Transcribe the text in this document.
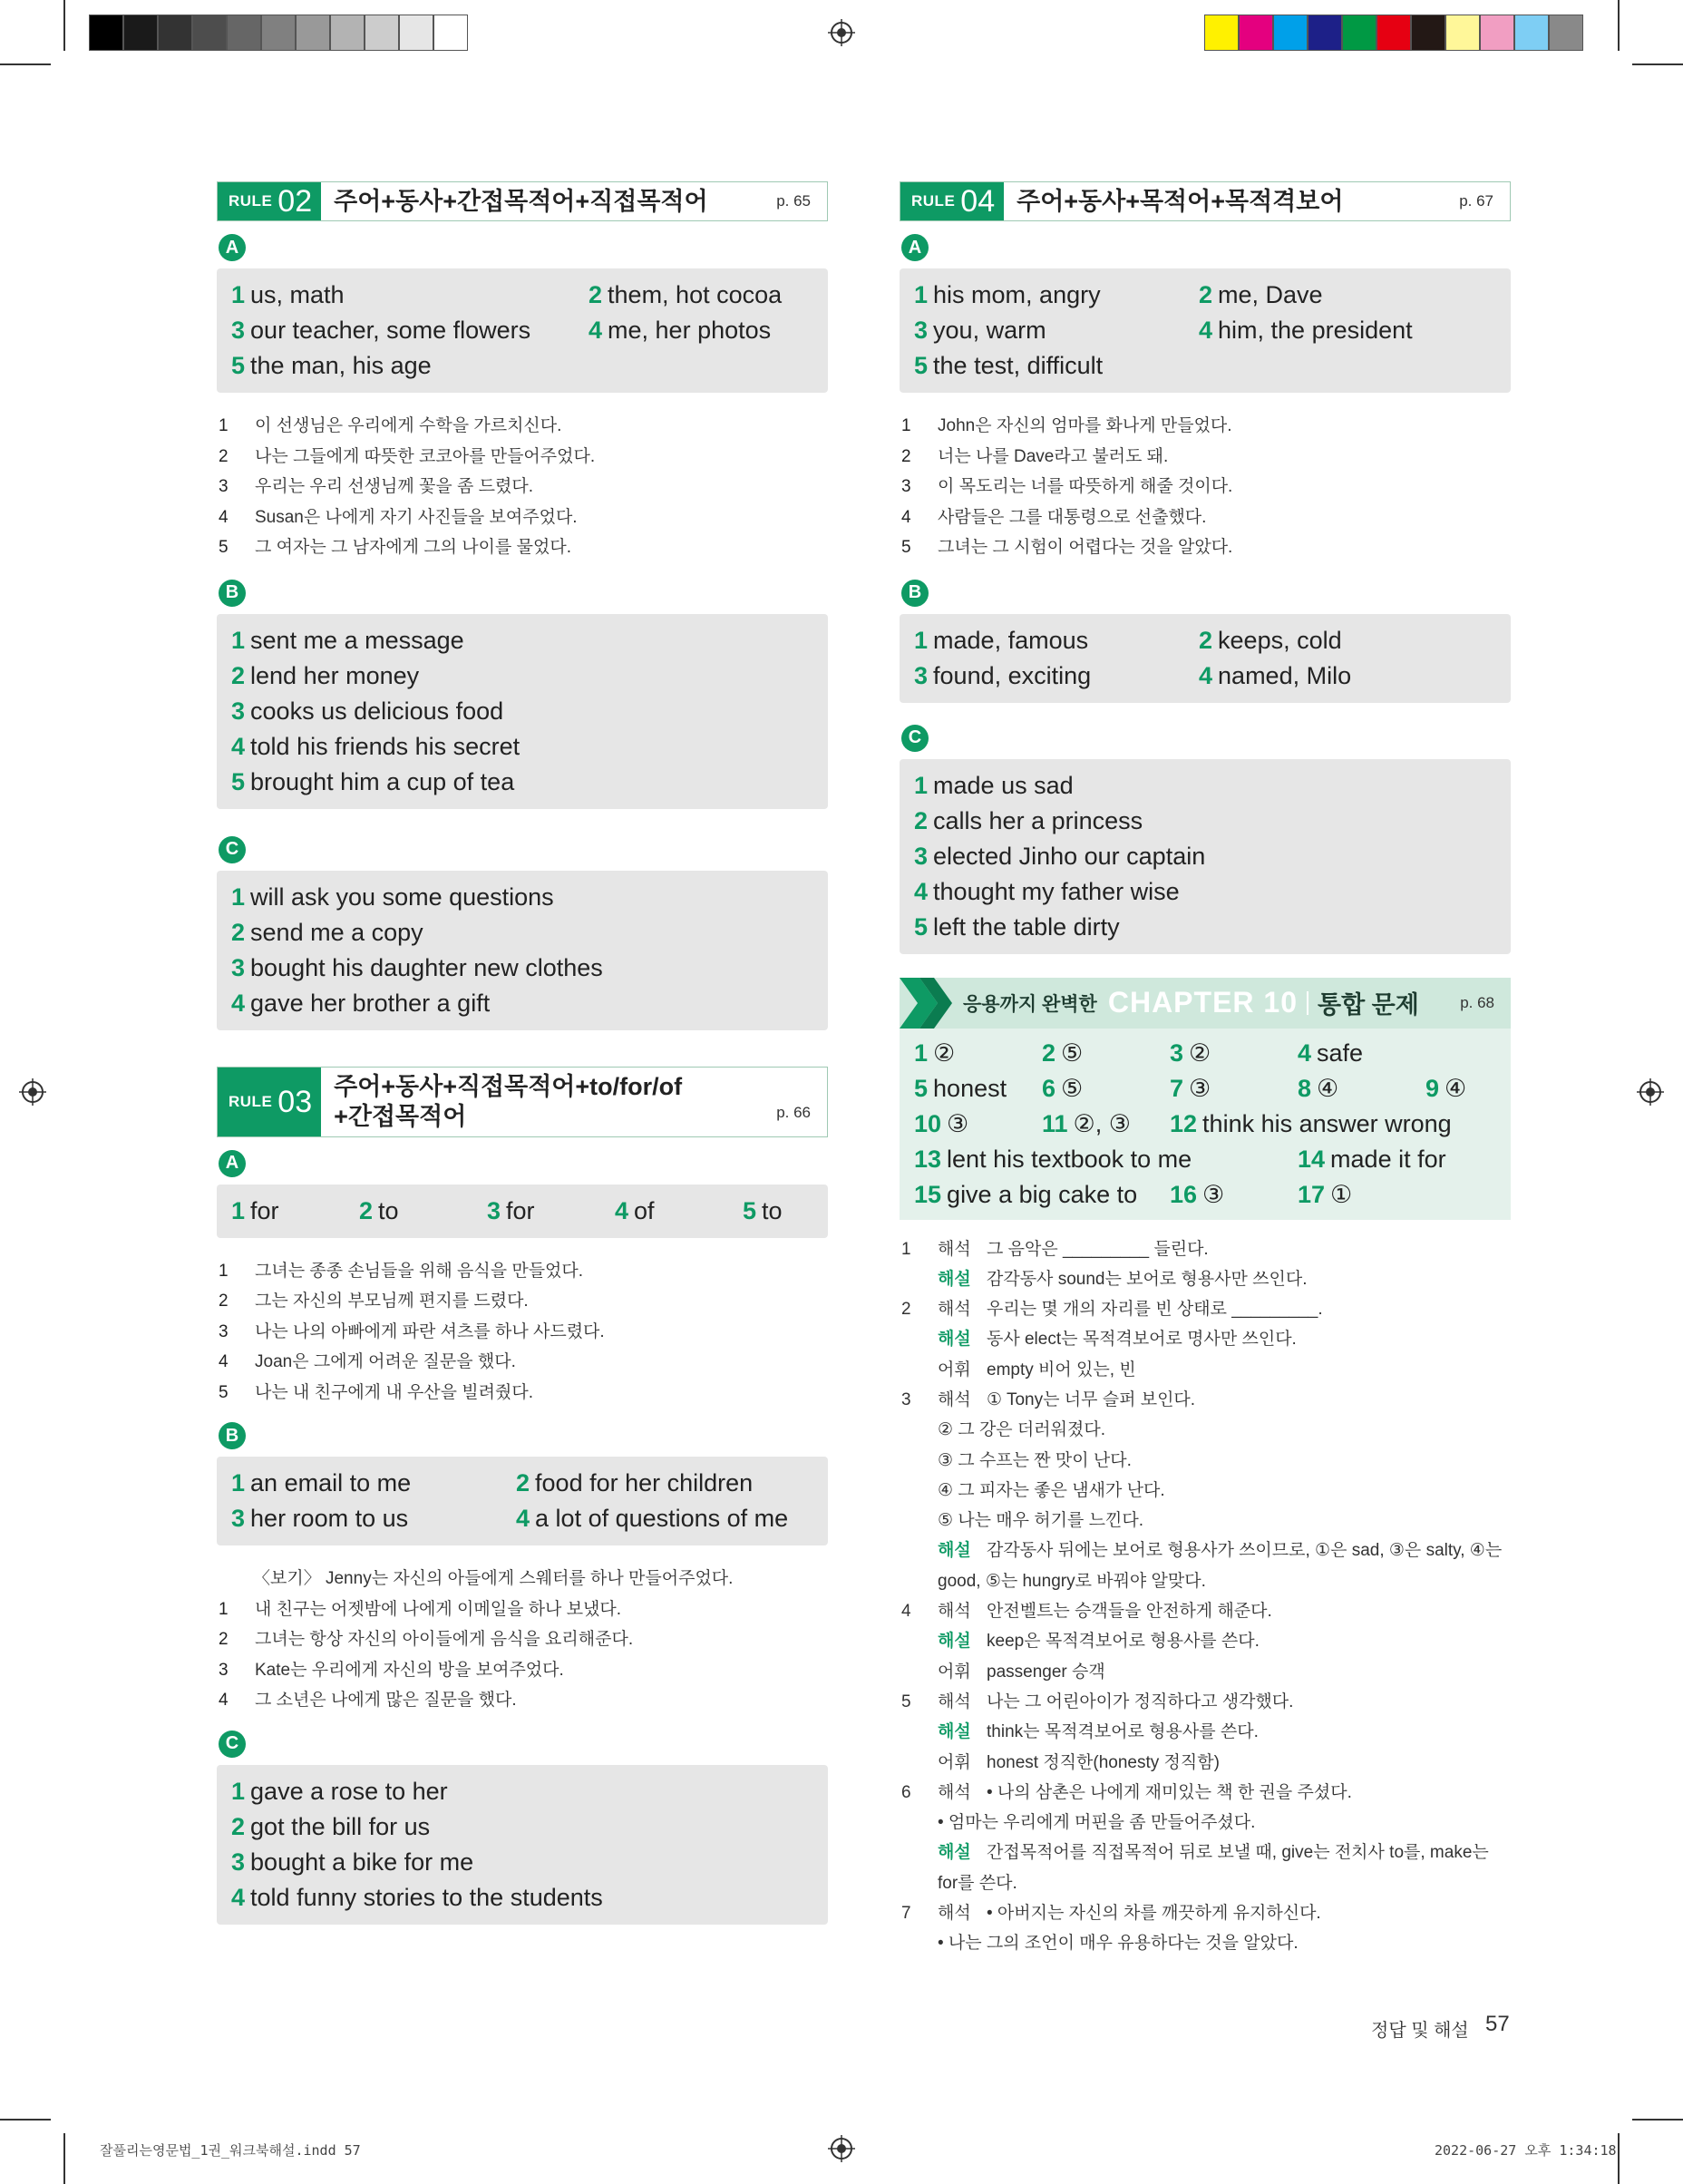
RULE 02 주어+동사+간접목적어+직접목적어	p. 65
A
1 us, math	2 them, hot cocoa
3 our teacher, some flowers	4 me, her photos
5 the man, his age
1	이 선생님은 우리에게 수학을 가르치신다.
2	나는 그들에게 따뜻한 코코아를 만들어주었다.
3	우리는 우리 선생님께 꽃을 좀 드렸다.
4	Susan은 나에게 자기 사진들을 보여주었다.
5	그 여자는 그 남자에게 그의 나이를 물었다.
B
1 sent me a message
2 lend her money
3 cooks us delicious food
4 told his friends his secret
5 brought him a cup of tea
C
1 will ask you some questions
2 send me a copy
3 bought his daughter new clothes
4 gave her brother a gift
RULE 03 주어+동사+직접목적어+to/for/of
+간접목적어	p. 66
A
1 for	2 to	3 for	4 of	5 to
1	그녀는 종종 손님들을 위해 음식을 만들었다.
2	그는 자신의 부모님께 편지를 드렸다.
3	나는 나의 아빠에게 파란 셔츠를 하나 사드렸다.
4	Joan은 그에게 어려운 질문을 했다.
5	나는 내 친구에게 내 우산을 빌려줬다.
B
1 an email to me	2 food for her children
3 her room to us	4 a lot of questions of me
〈보기〉 Jenny는 자신의 아들에게 스웨터를 하나 만들어주었다.
1	내 친구는 어젯밤에 나에게 이메일을 하나 보냈다.
2	그녀는 항상 자신의 아이들에게 음식을 요리해준다.
3	Kate는 우리에게 자신의 방을 보여주었다.
4	그 소년은 나에게 많은 질문을 했다.
C
1 gave a rose to her
2 got the bill for us
3 bought a bike for me
4 told funny stories to the students
RULE 04 주어+동사+목적어+목적격보어	p. 67
A
1 his mom, angry	2 me, Dave
3 you, warm	4 him, the president
5 the test, difficult
1	John은 자신의 엄마를 화나게 만들었다.
2	너는 나를 Dave라고 불러도 돼.
3	이 목도리는 너를 따뜻하게 해줄 것이다.
4	사람들은 그를 대통령으로 선출했다.
5	그녀는 그 시험이 어렵다는 것을 알았다.
B
1 made, famous	2 keeps, cold
3 found, exciting	4 named, Milo
C
1 made us sad
2 calls her a princess
3 elected Jinho our captain
4 thought my father wise
5 left the table dirty
응용까지 완벽한 CHAPTER 10 통합 문제	p. 68
1 ②	2 ⑤	3 ②	4 safe
5 honest	6 ⑤	7 ③	8 ④	9 ④
10 ③	11 ②, ③	12 think his answer wrong
13 lent his textbook to me	14 made it for
15 give a big cake to	16 ③	17 ①
1	해석 그 음악은 _________ 들린다.
해설 감각동사 sound는 보어로 형용사만 쓰인다.
2	해석 우리는 몇 개의 자리를 빈 상태로 _________.
해설 동사 elect는 목적격보어로 명사만 쓰인다.
어휘 empty 비어 있는, 빈
3	해석 ① Tony는 너무 슬퍼 보인다.
② 그 강은 더러워졌다.
③ 그 수프는 짠 맛이 난다.
④ 그 피자는 좋은 냄새가 난다.
⑤ 나는 매우 허기를 느낀다.
해설 감각동사 뒤에는 보어로 형용사가 쓰이므로, ①은 sad, ③은 salty, ④는
good, ⑤는 hungry로 바꿔야 알맞다.
4	해석 안전벨트는 승객들을 안전하게 해준다.
해설 keep은 목적격보어로 형용사를 쓴다.
어휘 passenger 승객
5	해석 나는 그 어린아이가 정직하다고 생각했다.
해설 think는 목적격보어로 형용사를 쓴다.
어휘 honest 정직한(honesty 정직함)
6	해석 • 나의 삼촌은 나에게 재미있는 책 한 권을 주셨다.
• 엄마는 우리에게 머핀을 좀 만들어주셨다.
해설 간접목적어를 직접목적어 뒤로 보낼 때, give는 전치사 to를, make는
for를 쓴다.
7	해석 • 아버지는 자신의 차를 깨끗하게 유지하신다.
• 나는 그의 조언이 매우 유용하다는 것을 알았다.
정답 및 해설 57
잘풀리는영문법_1권_워크북해설.indd 57	2022-06-27 오후 1:34:18
